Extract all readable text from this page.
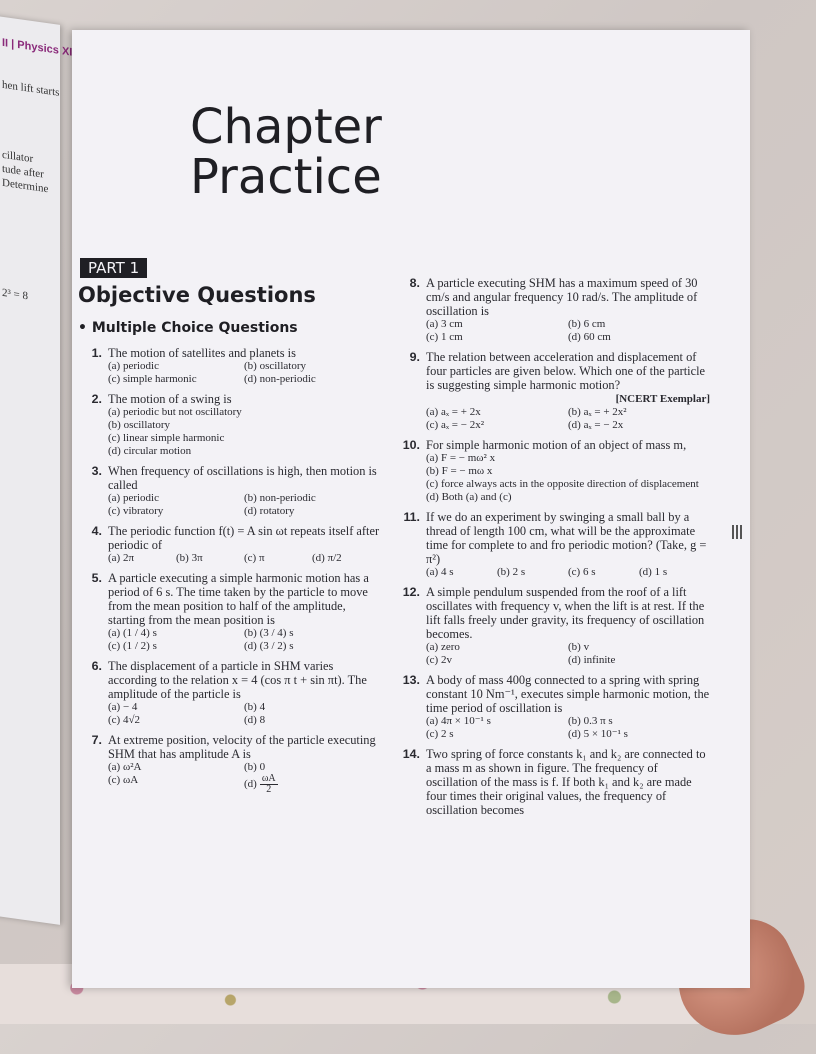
II | Physics XI
hen lift starts
cillator
tude after
Determine
2³ = 8
Chapter
Practice
PART 1
Objective Questions
• Multiple Choice Questions
1. The motion of satellites and planets is
(a) periodic	(b) oscillatory
(c) simple harmonic	(d) non-periodic
2. The motion of a swing is
(a) periodic but not oscillatory
(b) oscillatory
(c) linear simple harmonic
(d) circular motion
3. When frequency of oscillations is high, then motion is called
(a) periodic	(b) non-periodic
(c) vibratory	(d) rotatory
4. The periodic function f(t) = A sin ωt repeats itself after periodic of
(a) 2π	(b) 3π	(c) π	(d) π/2
5. A particle executing a simple harmonic motion has a period of 6 s. The time taken by the particle to move from the mean position to half of the amplitude, starting from the mean position is
(a) (1 / 4) s	(b) (3 / 4) s
(c) (1 / 2) s	(d) (3 / 2) s
6. The displacement of a particle in SHM varies according to the relation x = 4 (cos π t + sin πt). The amplitude of the particle is
(a) − 4	(b) 4
(c) 4√2	(d) 8
7. At extreme position, velocity of the particle executing SHM that has amplitude A is
(a) ω²A	(b) 0
(c) ωA	$(d) \frac{\omega A}{2}$
8. A particle executing SHM has a maximum speed of 30 cm/s and angular frequency 10 rad/s. The amplitude of oscillation is
(a) 3 cm	(b) 6 cm
(c) 1 cm	(d) 60 cm
9. The relation between acceleration and displacement of four particles are given below. Which one of the particle is suggesting simple harmonic motion?
[NCERT Exemplar]
(a) aₓ = + 2x	(b) aₓ = + 2x²
(c) aₓ = − 2x²	(d) aₓ = − 2x
10. For simple harmonic motion of an object of mass m,
(a) F = − mω² x
(b) F = − mω x
(c) force always acts in the opposite direction of displacement
(d) Both (a) and (c)
11. If we do an experiment by swinging a small ball by a thread of length 100 cm, what will be the approximate time for complete to and fro periodic motion? (Take, g = π²)
(a) 4 s	(b) 2 s	(c) 6 s	(d) 1 s
12. A simple pendulum suspended from the roof of a lift oscillates with frequency v, when the lift is at rest. If the lift falls freely under gravity, its frequency of oscillation becomes.
(a) zero	(b) v
(c) 2v	(d) infinite
13. A body of mass 400g connected to a spring with spring constant 10 Nm⁻¹, executes simple harmonic motion, the time period of oscillation is
(a) 4π × 10⁻¹ s	(b) 0.3 π s
(c) 2 s	(d) 5 × 10⁻¹ s
14. Two spring of force constants k₁ and k₂ are connected to a mass m as shown in figure. The frequency of oscillation of the mass is f. If both k₁ and k₂ are made four times their original values, the frequency of oscillation becomes
